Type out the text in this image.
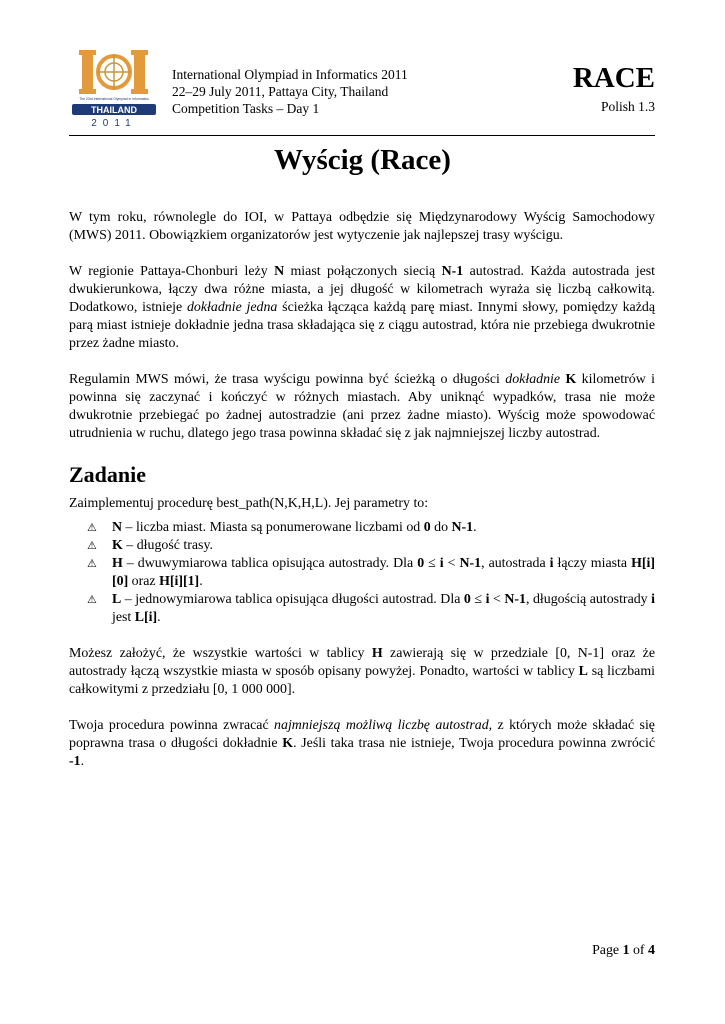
The 23rd International Olympiad in Informatics
THAILAND
2011
International Olympiad in Informatics 2011
22–29 July 2011, Pattaya City, Thailand
Competition Tasks – Day 1
RACE
Polish 1.3
Wyścig (Race)

W tym roku, równolegle do IOI, w Pattaya odbędzie się Międzynarodowy Wyścig Samochodowy (MWS) 2011. Obowiązkiem organizatorów jest wytyczenie jak najlepszej trasy wyścigu.

W regionie Pattaya-Chonburi leży N miast połączonych siecią N-1 autostrad. Każda autostrada jest dwukierunkowa, łączy dwa różne miasta, a jej długość w kilometrach wyraża się liczbą całkowitą. Dodatkowo, istnieje dokładnie jedna ścieżka łącząca każdą parę miast. Innymi słowy, pomiędzy każdą parą miast istnieje dokładnie jedna trasa składająca się z ciągu autostrad, która nie przebiega dwukrotnie przez żadne miasto.

Regulamin MWS mówi, że trasa wyścigu powinna być ścieżką o długości dokładnie K kilometrów i powinna się zaczynać i kończyć w różnych miastach. Aby uniknąć wypadków, trasa nie może dwukrotnie przebiegać po żadnej autostradzie (ani przez żadne miasto). Wyścig może spowodować utrudnienia w ruchu, dlatego jego trasa powinna składać się z jak najmniejszej liczby autostrad.

Zadanie
Zaimplementuj procedurę best_path(N,K,H,L). Jej parametry to:
⚠ N – liczba miast. Miasta są ponumerowane liczbami od 0 do N-1.
⚠ K – długość trasy.
⚠ H – dwuwymiarowa tablica opisująca autostrady. Dla 0 ≤ i < N-1, autostrada i łączy miasta H[i][0] oraz H[i][1].
⚠ L – jednowymiarowa tablica opisująca długości autostrad. Dla 0 ≤ i < N-1, długością autostrady i jest L[i].

Możesz założyć, że wszystkie wartości w tablicy H zawierają się w przedziale [0, N-1] oraz że autostrady łączą wszystkie miasta w sposób opisany powyżej. Ponadto, wartości w tablicy L są liczbami całkowitymi z przedziału [0, 1 000 000].

Twoja procedura powinna zwracać najmniejszą możliwą liczbę autostrad, z których może składać się poprawna trasa o długości dokładnie K. Jeśli taka trasa nie istnieje, Twoja procedura powinna zwrócić -1.

Page 1 of 4
